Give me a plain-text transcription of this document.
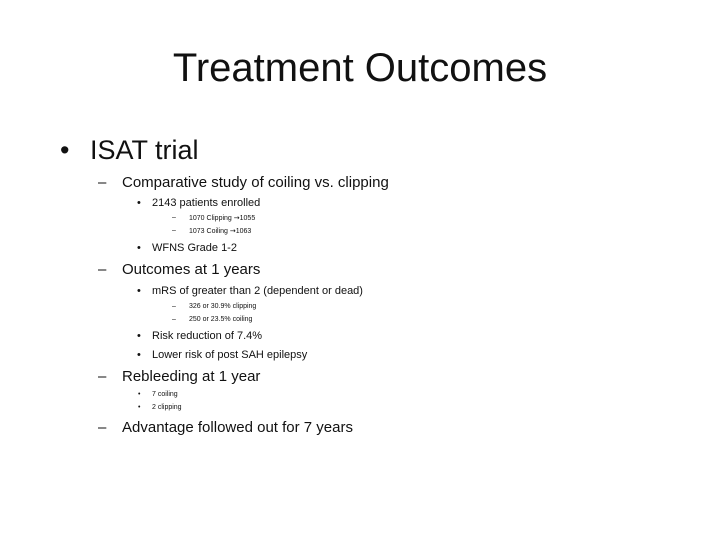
Treatment Outcomes
• ISAT trial
– Comparative study of coiling vs. clipping
• 2143 patients enrolled
– 1070 Clipping →1055
– 1073 Coiling →1063
• WFNS Grade 1-2
– Outcomes at 1 years
• mRS of greater than 2 (dependent or dead)
– 326 or 30.9% clipping
– 250 or 23.5% coiling
• Risk reduction of 7.4%
• Lower risk of post SAH epilepsy
– Rebleeding at 1 year
• 7 coiling
• 2 clipping
– Advantage followed out for 7 years
